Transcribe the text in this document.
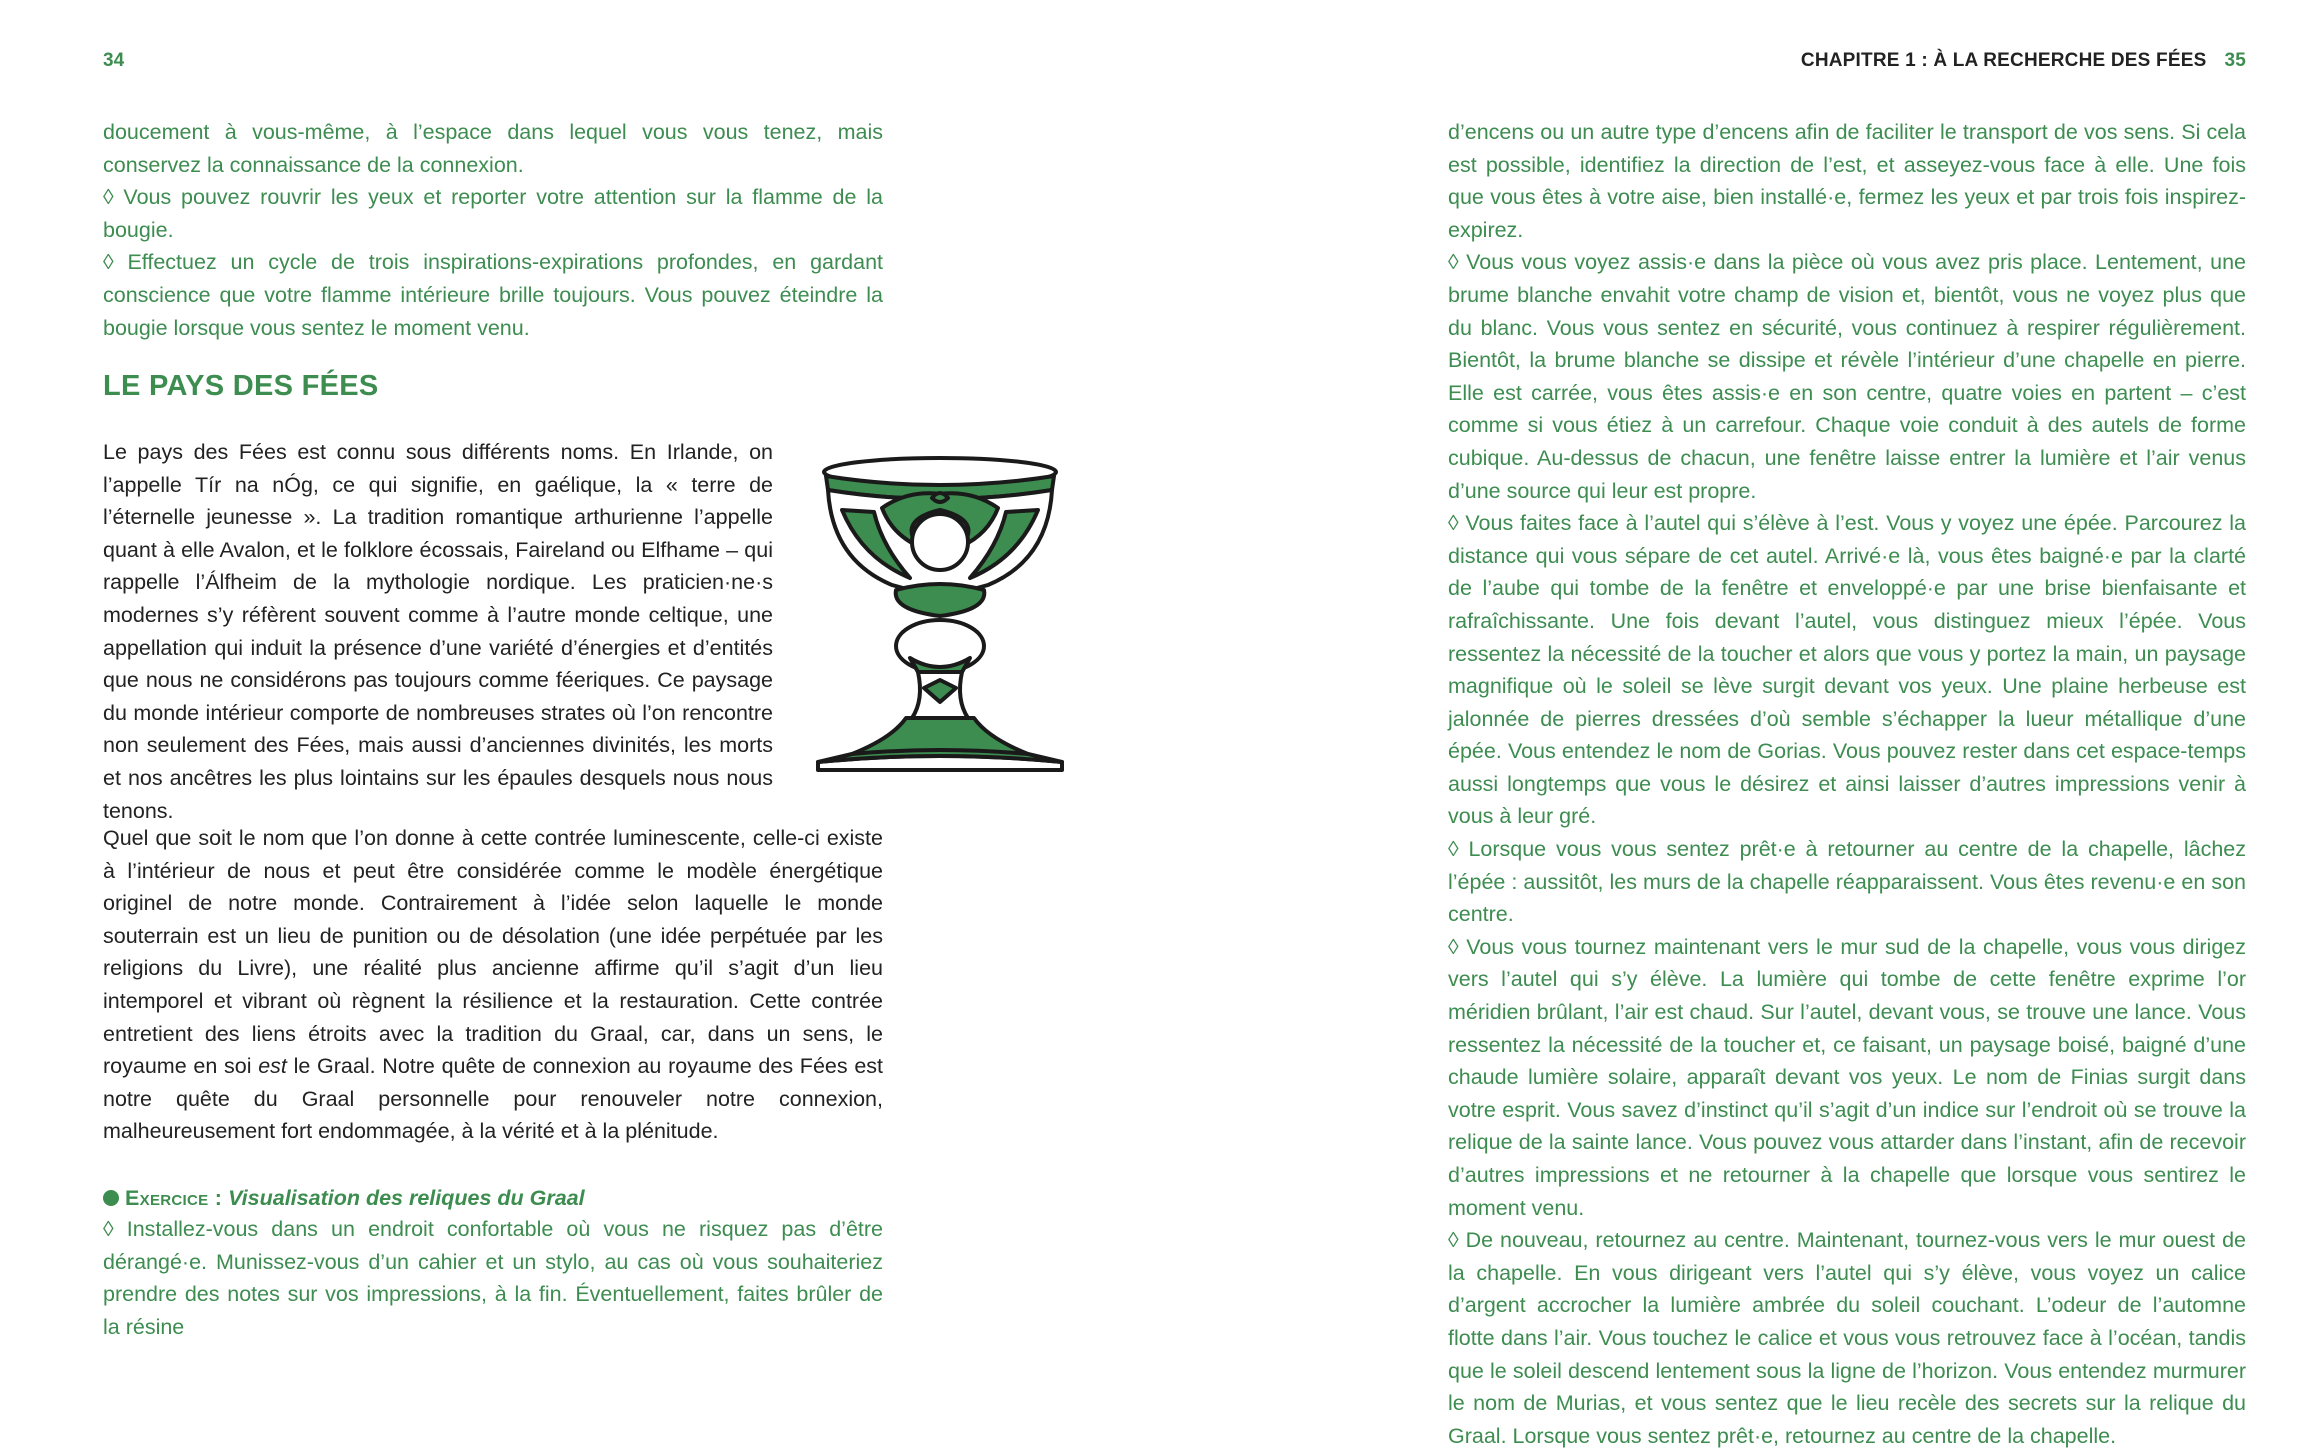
34

doucement à vous-même, à l’espace dans lequel vous vous tenez, mais conservez la connaissance de la connexion.

◊ Vous pouvez rouvrir les yeux et reporter votre attention sur la flamme de la bougie.

◊ Effectuez un cycle de trois inspirations-expirations profondes, en gardant conscience que votre flamme intérieure brille toujours. Vous pouvez éteindre la bougie lorsque vous sentez le moment venu.

LE PAYS DES FÉES

Le pays des Fées est connu sous différents noms. En Irlande, on l’appelle Tír na nÓg, ce qui signifie, en gaélique, la « terre de l’éternelle jeunesse ». La tradition romantique arthurienne l’appelle quant à elle Avalon, et le folklore écossais, Faireland ou Elfhame – qui rappelle l’Álfheim de la mythologie nordique. Les praticien·ne·s modernes s’y réfèrent souvent comme à l’autre monde celtique, une appellation qui induit la présence d’une variété d’énergies et d’entités que nous ne considérons pas toujours comme féeriques. Ce paysage du monde intérieur comporte de nombreuses strates où l’on rencontre non seulement des Fées, mais aussi d’anciennes divinités, les morts et nos ancêtres les plus lointains sur les épaules desquels nous nous tenons.

Quel que soit le nom que l’on donne à cette contrée luminescente, celle-ci existe à l’intérieur de nous et peut être considérée comme le modèle énergétique originel de notre monde. Contrairement à l’idée selon laquelle le monde souterrain est un lieu de punition ou de désolation (une idée perpétuée par les religions du Livre), une réalité plus ancienne affirme qu’il s’agit d’un lieu intemporel et vibrant où règnent la résilience et la restauration. Cette contrée entretient des liens étroits avec la tradition du Graal, car, dans un sens, le royaume en soi est le Graal. Notre quête de connexion au royaume des Fées est notre quête du Graal personnelle pour renouveler notre connexion, malheureusement fort endommagée, à la vérité et à la plénitude.

Exercice : Visualisation des reliques du Graal

◊ Installez-vous dans un endroit confortable où vous ne risquez pas d’être dérangé·e. Munissez-vous d’un cahier et un stylo, au cas où vous souhaiteriez prendre des notes sur vos impressions, à la fin. Éventuellement, faites brûler de la résine

CHAPITRE 1 : À LA RECHERCHE DES FÉES 35

d’encens ou un autre type d’encens afin de faciliter le transport de vos sens. Si cela est possible, identifiez la direction de l’est, et asseyez-vous face à elle. Une fois que vous êtes à votre aise, bien installé·e, fermez les yeux et par trois fois inspirez-expirez.

◊ Vous vous voyez assis·e dans la pièce où vous avez pris place. Lentement, une brume blanche envahit votre champ de vision et, bientôt, vous ne voyez plus que du blanc. Vous vous sentez en sécurité, vous continuez à respirer régulièrement. Bientôt, la brume blanche se dissipe et révèle l’intérieur d’une chapelle en pierre. Elle est carrée, vous êtes assis·e en son centre, quatre voies en partent – c’est comme si vous étiez à un carrefour. Chaque voie conduit à des autels de forme cubique. Au-dessus de chacun, une fenêtre laisse entrer la lumière et l’air venus d’une source qui leur est propre.

◊ Vous faites face à l’autel qui s’élève à l’est. Vous y voyez une épée. Parcourez la distance qui vous sépare de cet autel. Arrivé·e là, vous êtes baigné·e par la clarté de l’aube qui tombe de la fenêtre et enveloppé·e par une brise bienfaisante et rafraîchissante. Une fois devant l’autel, vous distinguez mieux l’épée. Vous ressentez la nécessité de la toucher et alors que vous y portez la main, un paysage magnifique où le soleil se lève surgit devant vos yeux. Une plaine herbeuse est jalonnée de pierres dressées d’où semble s’échapper la lueur métallique d’une épée. Vous entendez le nom de Gorias. Vous pouvez rester dans cet espace-temps aussi longtemps que vous le désirez et ainsi laisser d’autres impressions venir à vous à leur gré.

◊ Lorsque vous vous sentez prêt·e à retourner au centre de la chapelle, lâchez l’épée : aussitôt, les murs de la chapelle réapparaissent. Vous êtes revenu·e en son centre.

◊ Vous vous tournez maintenant vers le mur sud de la chapelle, vous vous dirigez vers l’autel qui s’y élève. La lumière qui tombe de cette fenêtre exprime l’or méridien brûlant, l’air est chaud. Sur l’autel, devant vous, se trouve une lance. Vous ressentez la nécessité de la toucher et, ce faisant, un paysage boisé, baigné d’une chaude lumière solaire, apparaît devant vos yeux. Le nom de Finias surgit dans votre esprit. Vous savez d’instinct qu’il s’agit d’un indice sur l’endroit où se trouve la relique de la sainte lance. Vous pouvez vous attarder dans l’instant, afin de recevoir d’autres impressions et ne retourner à la chapelle que lorsque vous sentirez le moment venu.

◊ De nouveau, retournez au centre. Maintenant, tournez-vous vers le mur ouest de la chapelle. En vous dirigeant vers l’autel qui s’y élève, vous voyez un calice d’argent accrocher la lumière ambrée du soleil couchant. L’odeur de l’automne flotte dans l’air. Vous touchez le calice et vous vous retrouvez face à l’océan, tandis que le soleil descend lentement sous la ligne de l’horizon. Vous entendez murmurer le nom de Murias, et vous sentez que le lieu recèle des secrets sur la relique du Graal. Lorsque vous sentez prêt·e, retournez au centre de la chapelle.
